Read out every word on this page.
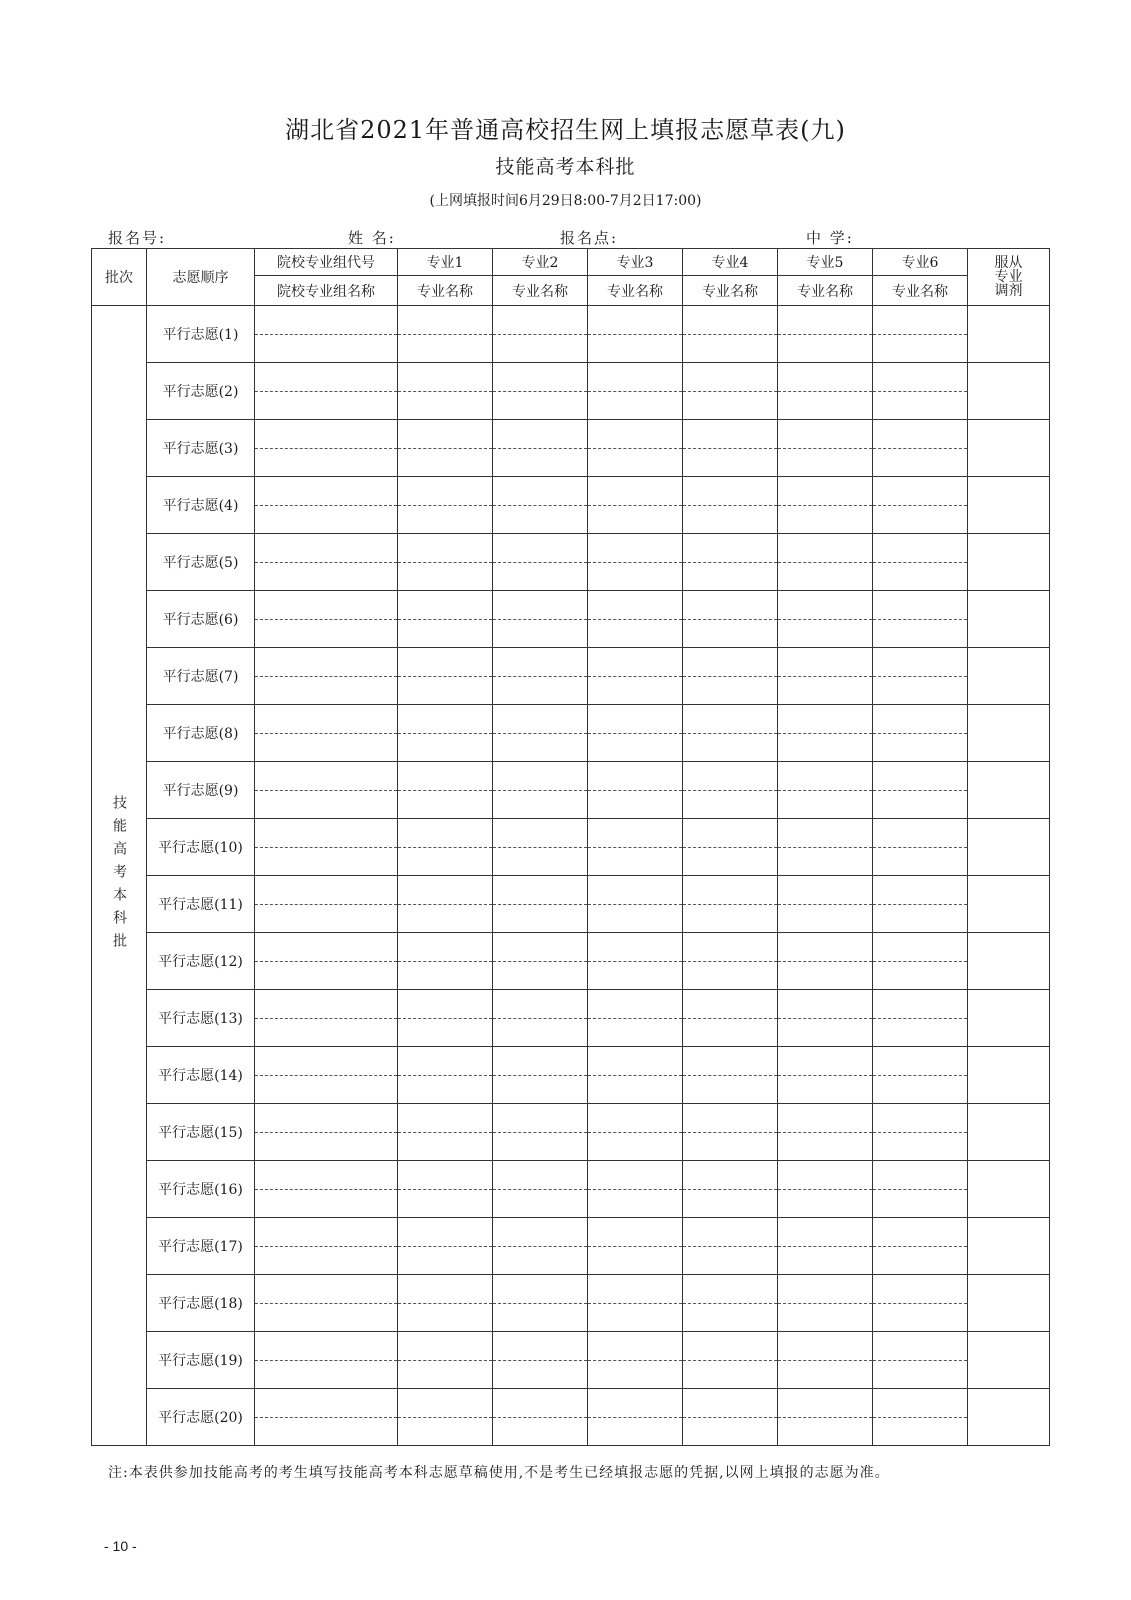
湖北省2021年普通高校招生网上填报志愿草表(九)
技能高考本科批
(上网填报时间6月29日8:00-7月2日17:00)
报名号:	姓 名:	报名点:	中 学:
批次	志愿顺序	院校专业组代号	专业1	专业2	专业3	专业4	专业5	专业6	服从
专业
调剂

		院校专业组名称	专业名称	专业名称	专业名称	专业名称	专业名称	专业名称	
技能高考本科批	平行志愿(1)	

	平行志愿(2)	

	平行志愿(3)	

	平行志愿(4)	

	平行志愿(5)	

	平行志愿(6)	

	平行志愿(7)	

	平行志愿(8)	

	平行志愿(9)	

	平行志愿(10)	

	平行志愿(11)	

	平行志愿(12)	

	平行志愿(13)	

	平行志愿(14)	

	平行志愿(15)	

	平行志愿(16)	

	平行志愿(17)	

	平行志愿(18)	

	平行志愿(19)	

	平行志愿(20)	

注:本表供参加技能高考的考生填写技能高考本科志愿草稿使用,不是考生已经填报志愿的凭据,以网上填报的志愿为准。
- 10 -
